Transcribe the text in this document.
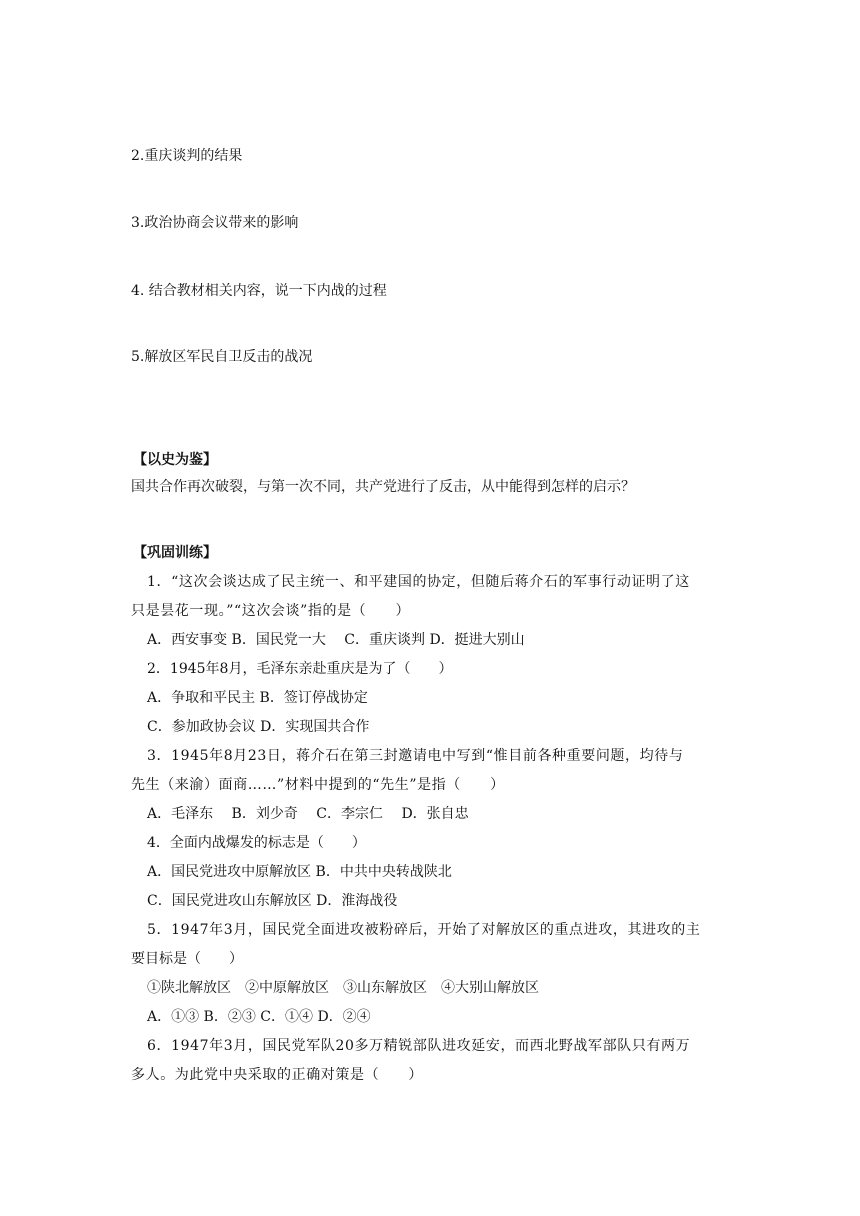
2.重庆谈判的结果
3.政治协商会议带来的影响
4. 结合教材相关内容，说一下内战的过程
5.解放区军民自卫反击的战况
【以史为鉴】
国共合作再次破裂，与第一次不同，共产党进行了反击，从中能得到怎样的启示？
【巩固训练】
1．“这次会谈达成了民主统一、和平建国的协定，但随后蒋介石的军事行动证明了这
只是昙花一现。”“这次会谈”指的是（　　）
A．西安事变 B．国民党一大　 C．重庆谈判 D．挺进大别山
2．1945年8月，毛泽东亲赴重庆是为了（　　）
A．争取和平民主 B．签订停战协定
C．参加政协会议 D．实现国共合作
3．1945年8月23日，蒋介石在第三封邀请电中写到“惟目前各种重要问题，均待与
先生（来渝）面商……”材料中提到的“先生”是指（　　）
A．毛泽东　 B．刘少奇　 C．李宗仁　 D．张自忠
4．全面内战爆发的标志是（　　）
A．国民党进攻中原解放区 B．中共中央转战陕北
C．国民党进攻山东解放区 D．淮海战役
5．1947年3月，国民党全面进攻被粉碎后，开始了对解放区的重点进攻，其进攻的主
要目标是（　　）
①陕北解放区　②中原解放区　③山东解放区　④大别山解放区
A．①③ B．②③ C．①④ D．②④
6．1947年3月，国民党军队20多万精锐部队进攻延安，而西北野战军部队只有两万
多人。为此党中央采取的正确对策是（　　）
